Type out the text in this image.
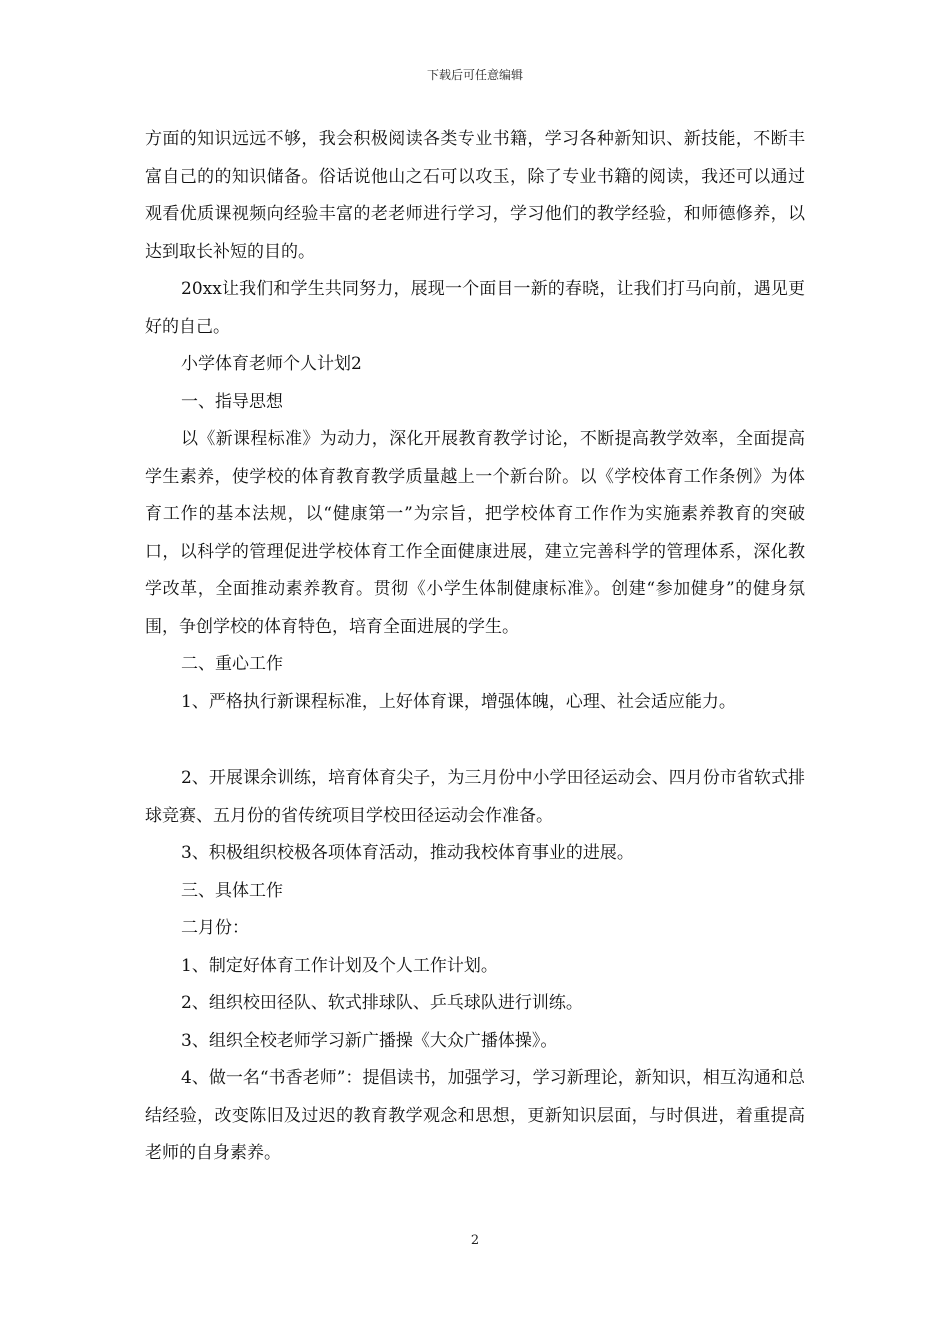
下载后可任意编辑

方面的知识远远不够，我会积极阅读各类专业书籍，学习各种新知识、新技能，不断丰富自己的的知识储备。俗话说他山之石可以攻玉，除了专业书籍的阅读，我还可以通过观看优质课视频向经验丰富的老老师进行学习，学习他们的教学经验，和师德修养，以达到取长补短的目的。

20xx让我们和学生共同努力，展现一个面目一新的春晓，让我们打马向前，遇见更好的自己。

小学体育老师个人计划2

一、指导思想

以《新课程标准》为动力，深化开展教育教学讨论，不断提高教学效率，全面提高学生素养，使学校的体育教育教学质量越上一个新台阶。以《学校体育工作条例》为体育工作的基本法规，以“健康第一”为宗旨，把学校体育工作作为实施素养教育的突破口，以科学的管理促进学校体育工作全面健康进展，建立完善科学的管理体系，深化教学改革，全面推动素养教育。贯彻《小学生体制健康标准》。创建“参加健身”的健身氛围，争创学校的体育特色，培育全面进展的学生。

二、重心工作

1、严格执行新课程标准，上好体育课，增强体魄，心理、社会适应能力。

2、开展课余训练，培育体育尖子，为三月份中小学田径运动会、四月份市省软式排球竞赛、五月份的省传统项目学校田径运动会作准备。

3、积极组织校极各项体育活动，推动我校体育事业的进展。

三、具体工作

二月份：

1、制定好体育工作计划及个人工作计划。

2、组织校田径队、软式排球队、乒乓球队进行训练。

3、组织全校老师学习新广播操《大众广播体操》。

4、做一名“书香老师”：提倡读书，加强学习，学习新理论，新知识，相互沟通和总结经验，改变陈旧及过迟的教育教学观念和思想，更新知识层面，与时俱进，着重提高老师的自身素养。

2
